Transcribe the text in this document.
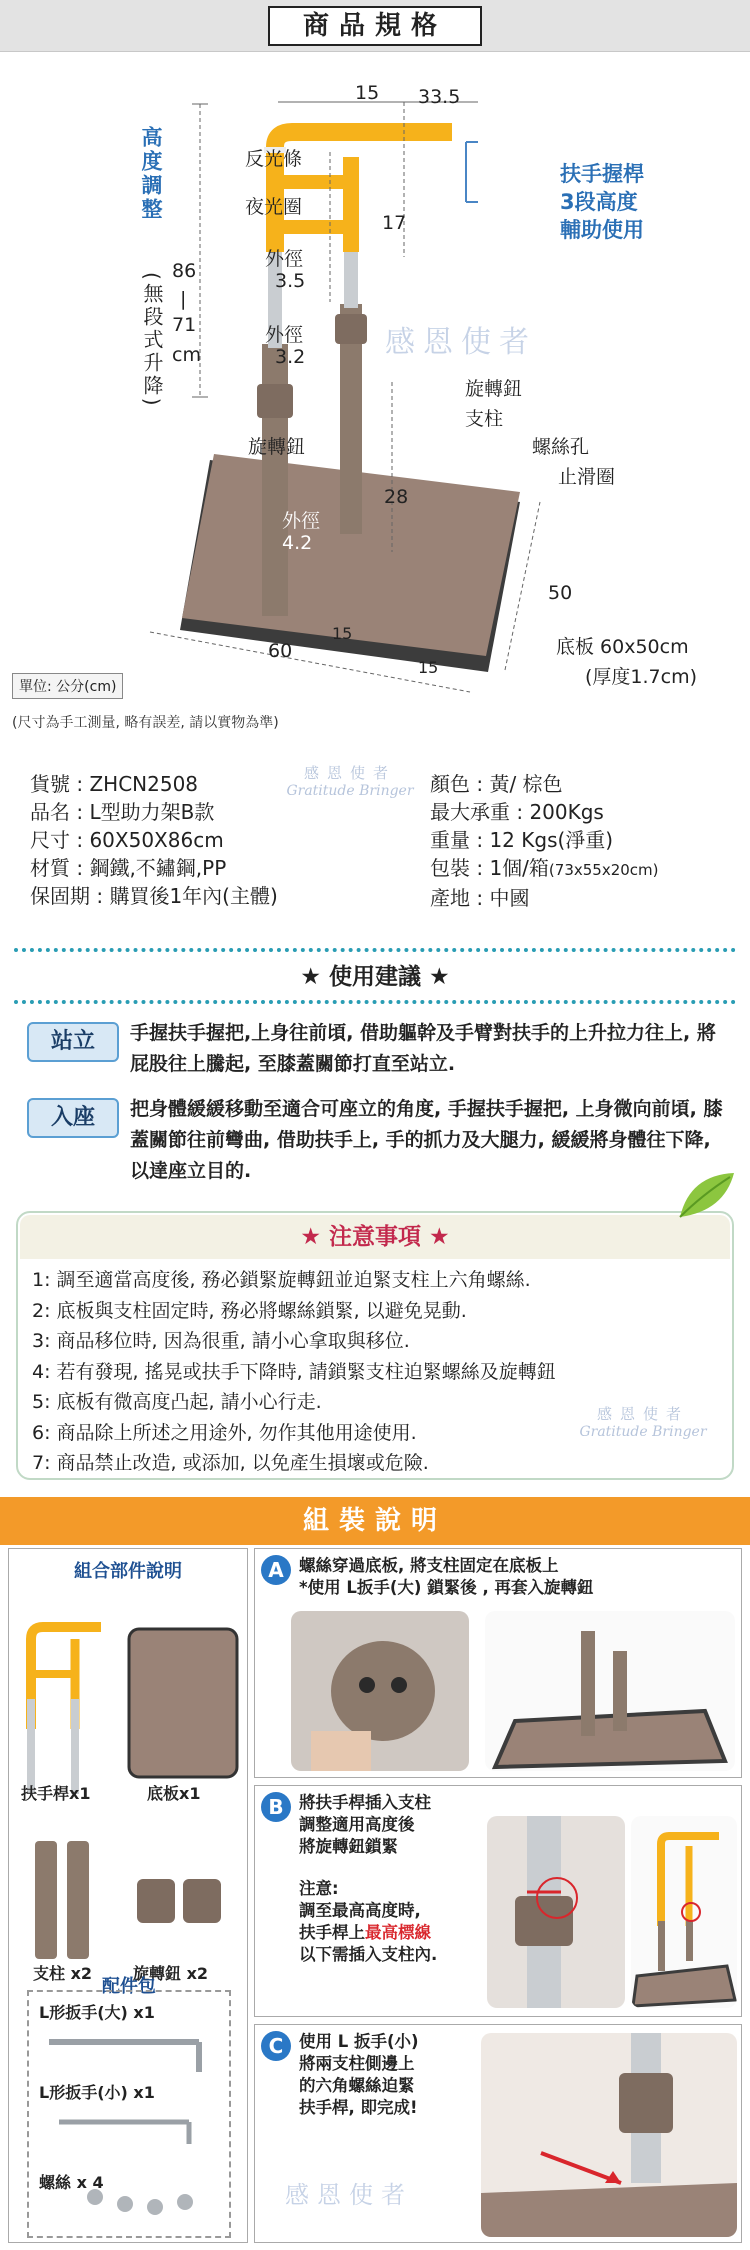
商品規格
15 33.5
反光條
夜光圈
外徑
3.5
外徑
3.2
17
旋轉鈕
支柱
旋轉鈕	螺絲孔
止滑圈
28
外徑
4.2
高度調整
(無段式升降)
86
|
71
cm
扶手握桿
3段高度
輔助使用
感恩使者
60
50
15
15
底板 60x50cm
(厚度1.7cm)
單位: 公分(cm)
(尺寸為手工測量, 略有誤差, 請以實物為準)
貨號 : ZHCN2508
品名 : L型助力架B款
尺寸 : 60X50X86cm
材質 : 鋼鐵,不鏽鋼,PP
保固期 : 購買後1年內(主體)
感恩使者
Gratitude Bringer 顏色 : 黃/ 棕色
最大承重 : 200Kgs
重量 : 12 Kgs(淨重)
包裝 : 1個/箱(73x55x20cm)
產地 : 中國
★ 使用建議 ★
站立	手握扶手握把,上身往前頃, 借助軀幹及手臂對扶手的上升拉力往上, 將屁股往上騰起, 至膝蓋關節打直至站立.
入座	把身體緩緩移動至適合可座立的角度, 手握扶手握把, 上身微向前頃, 膝蓋關節往前彎曲, 借助扶手上, 手的抓力及大腿力, 緩緩將身體往下降, 以達座立目的.
★ 注意事項 ★
1: 調至適當高度後, 務必鎖緊旋轉鈕並迫緊支柱上六角螺絲.
2: 底板與支柱固定時, 務必將螺絲鎖緊, 以避免晃動.
3: 商品移位時, 因為很重, 請小心拿取與移位.
4: 若有發現, 搖晃或扶手下降時, 請鎖緊支柱迫緊螺絲及旋轉鈕
5: 底板有微高度凸起, 請小心行走.
6: 商品除上所述之用途外, 勿作其他用途使用.
7: 商品禁止改造, 或添加, 以免產生損壞或危險.
感恩使者
Gratitude Bringer
組裝說明
組合部件說明
扶手桿x1	底板x1
支柱 x2	旋轉鈕 x2
配件包
L形扳手(大) x1
L形扳手(小) x1
螺絲 x 4
A 螺絲穿過底板, 將支柱固定在底板上
*使用 L扳手(大) 鎖緊後 , 再套入旋轉鈕
B 將扶手桿插入支柱
調整適用高度後
將旋轉鈕鎖緊
注意:
調至最高高度時,
扶手桿上最高標線
以下需插入支柱內.
C 使用 L 扳手(小)
將兩支柱側邊上
的六角螺絲迫緊
扶手桿, 即完成!
感恩使者
